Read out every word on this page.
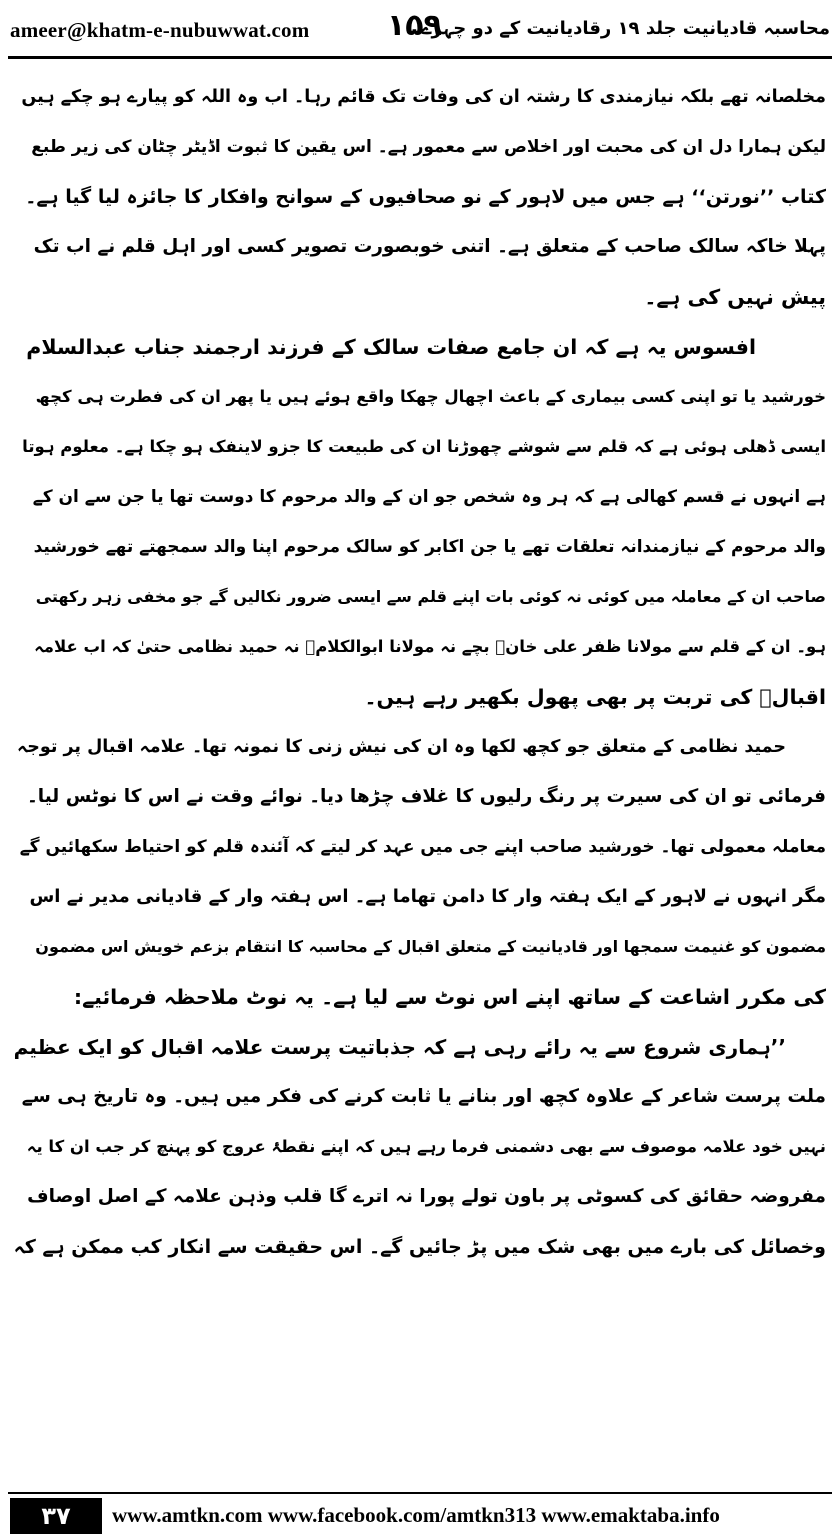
ameer@khatm-e-nubuwwat.com	۱۵۹
محاسبہ قادیانیت جلد ۱۹ رقادیانیت کے دو چہرے
مخلصانہ تھے بلکہ نیازمندی کا رشتہ ان کی وفات تک قائم رہا۔ اب وہ اللہ کو پیارے ہو چکے ہیں
لیکن ہمارا دل ان کی محبت اور اخلاص سے معمور ہے۔ اس یقین کا ثبوت اڈیٹر چٹان کی زیر طبع
کتاب ’’نورتن‘‘ ہے جس میں لاہور کے نو صحافیوں کے سوانح وافکار کا جائزہ لیا گیا ہے۔
پہلا خاکہ سالک صاحب کے متعلق ہے۔ اتنی خوبصورت تصویر کسی اور اہل قلم نے اب تک
پیش نہیں کی ہے۔
افسوس یہ ہے کہ ان جامع صفات سالک کے فرزند ارجمند جناب عبدالسلام
خورشید یا تو اپنی کسی بیماری کے باعث اچھال چھکا واقع ہوئے ہیں یا پھر ان کی فطرت ہی کچھ
ایسی ڈھلی ہوئی ہے کہ قلم سے شوشے چھوڑنا ان کی طبیعت کا جزو لاینفک ہو چکا ہے۔ معلوم ہوتا
ہے انہوں نے قسم کھالی ہے کہ ہر وہ شخص جو ان کے والد مرحوم کا دوست تھا یا جن سے ان کے
والد مرحوم کے نیازمندانہ تعلقات تھے یا جن اکابر کو سالک مرحوم اپنا والد سمجھتے تھے خورشید
صاحب ان کے معاملہ میں کوئی نہ کوئی بات اپنے قلم سے ایسی ضرور نکالیں گے جو مخفی زہر رکھتی
ہو۔ ان کے قلم سے مولانا ظفر علی خانؒ بچے نہ مولانا ابوالکلامؒ نہ حمید نظامی حتیٰ کہ اب علامہ
اقبالؒ کی تربت پر بھی پھول بکھیر رہے ہیں۔
حمید نظامی کے متعلق جو کچھ لکھا وہ ان کی نیش زنی کا نمونہ تھا۔ علامہ اقبال پر توجہ
فرمائی تو ان کی سیرت پر رنگ رلیوں کا غلاف چڑھا دیا۔ نوائے وقت نے اس کا نوٹس لیا۔
معاملہ معمولی تھا۔ خورشید صاحب اپنے جی میں عہد کر لیتے کہ آئندہ قلم کو احتیاط سکھائیں گے
مگر انہوں نے لاہور کے ایک ہفتہ وار کا دامن تھاما ہے۔ اس ہفتہ وار کے قادیانی مدیر نے اس
مضمون کو غنیمت سمجھا اور قادیانیت کے متعلق اقبال کے محاسبہ کا انتقام بزعم خویش اس مضمون
کی مکرر اشاعت کے ساتھ اپنے اس نوٹ سے لیا ہے۔ یہ نوٹ ملاحظہ فرمائیے:
’’ہماری شروع سے یہ رائے رہی ہے کہ جذباتیت پرست علامہ اقبال کو ایک عظیم
ملت پرست شاعر کے علاوہ کچھ اور بنانے یا ثابت کرنے کی فکر میں ہیں۔ وہ تاریخ ہی سے
نہیں خود علامہ موصوف سے بھی دشمنی فرما رہے ہیں کہ اپنے نقطۂ عروج کو پہنچ کر جب ان کا یہ
مفروضہ حقائق کی کسوٹی پر باون تولے پورا نہ اترے گا قلب وذہن علامہ کے اصل اوصاف
وخصائل کی بارے میں بھی شک میں پڑ جائیں گے۔ اس حقیقت سے انکار کب ممکن ہے کہ
۳۷	www.amtkn.com www.facebook.com/amtkn313 www.emaktaba.info
